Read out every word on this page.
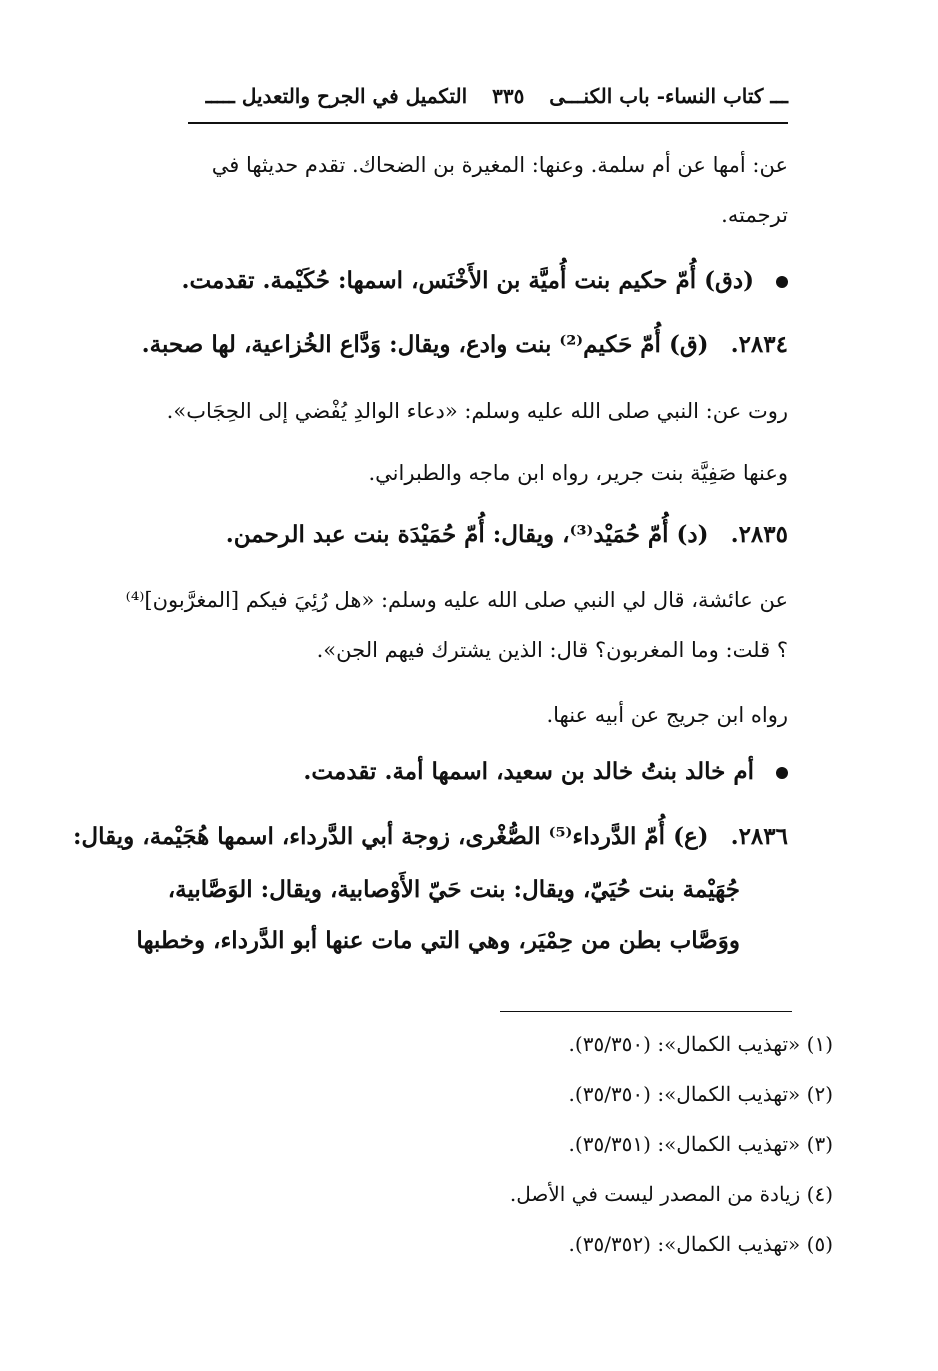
ـــ كتاب النساء- باب الكنـــى ٣٣٥ التكميل في الجرح والتعديل ـــــ
عن: أمها عن أم سلمة. وعنها: المغيرة بن الضحاك. تقدم حديثها في
ترجمته.
(دق) أُمّ حكيم بنت أُميَّة بن الأَخْنَس، اسمها: حُكَيْمة. تقدمت.
٢٨٣٤.(ق) أُمّ حَكيم⁽²⁾ بنت وادع، ويقال: وَدَّاع الخُزاعية، لها صحبة.
روت عن: النبي صلى الله عليه وسلم: «دعاء الوالدِ يُفْضي إلى الحِجَاب».
وعنها صَفِيَّة بنت جرير، رواه ابن ماجه والطبراني.
٢٨٣٥.(د) أُمّ حُمَيْد⁽³⁾، ويقال: أُمّ حُمَيْدَة بنت عبد الرحمن.
عن عائشة، قال لي النبي صلى الله عليه وسلم: «هل رُئِيَ فيكم [المغرَّبون]⁽⁴⁾
؟ قلت: وما المغربون؟ قال: الذين يشترك فيهم الجن».
رواه ابن جريج عن أبيه عنها.
أم خالد بنتُ خالد بن سعيد، اسمها أمة. تقدمت.
٢٨٣٦.(ع) أُمّ الدَّرداء⁽⁵⁾ الصُّغْرى، زوجة أبي الدَّرداء، اسمها هُجَيْمة، ويقال:
جُهَيْمة بنت حُيَيّ، ويقال: بنت حَيّ الأَوْصابية، ويقال: الوَصَّابية،
ووَصَّاب بطن من حِمْيَر، وهي التي مات عنها أبو الدَّرداء، وخطبها
(١) «تهذيب الكمال»: (٣٥/٣٥٠).
(٢) «تهذيب الكمال»: (٣٥/٣٥٠).
(٣) «تهذيب الكمال»: (٣٥/٣٥١).
(٤) زيادة من المصدر ليست في الأصل.
(٥) «تهذيب الكمال»: (٣٥/٣٥٢).
